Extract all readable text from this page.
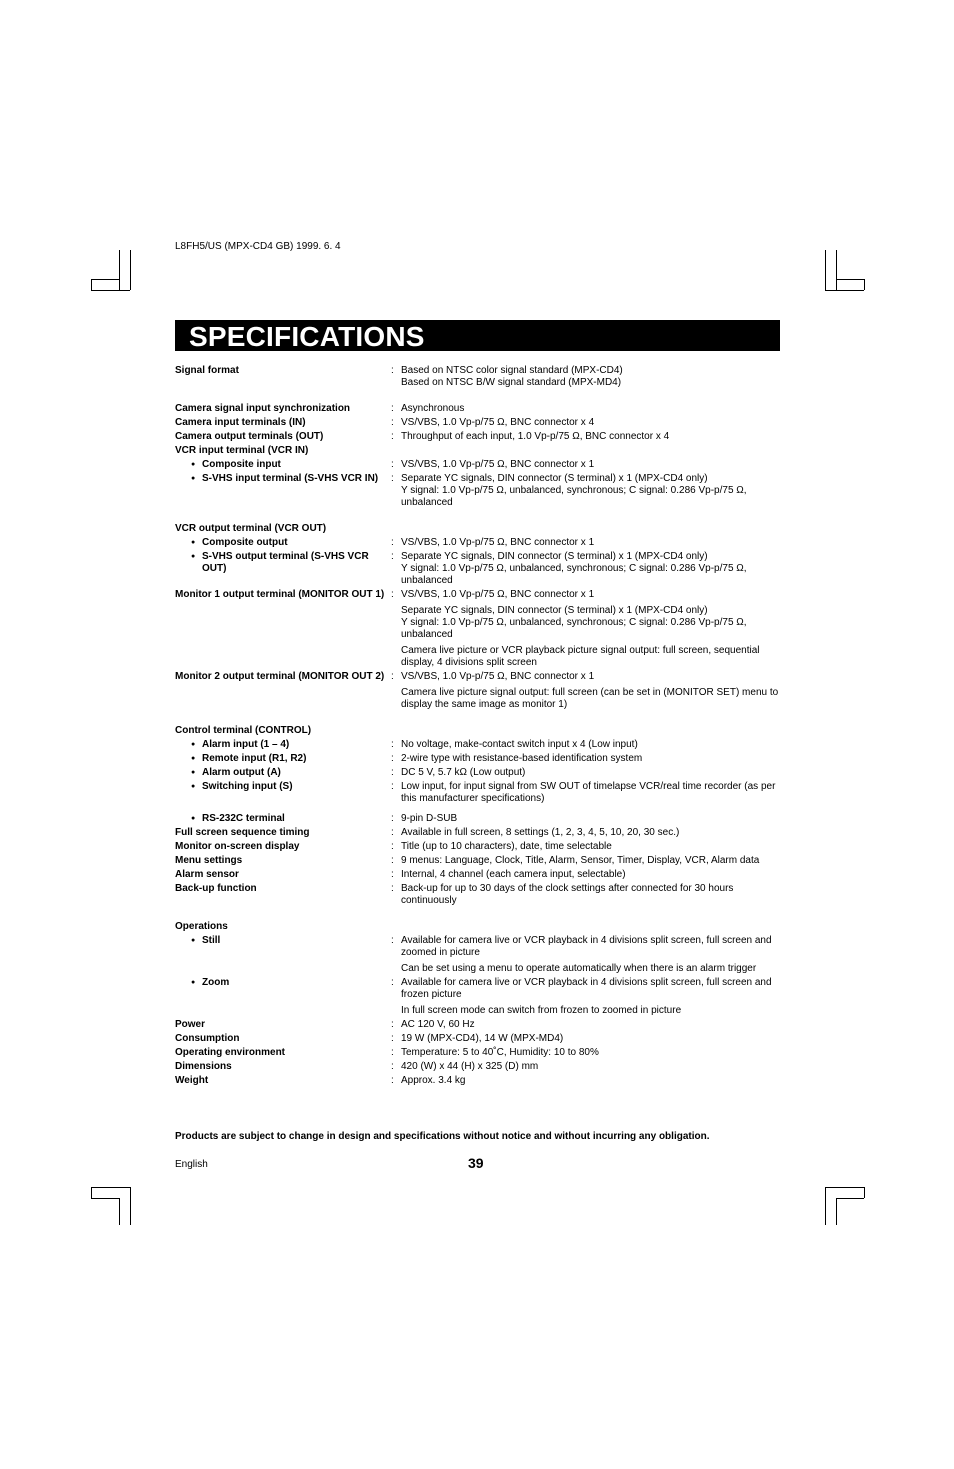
L8FH5/US (MPX-CD4 GB) 1999. 6. 4
SPECIFICATIONS
Signal format	: Based on NTSC color signal standard (MPX-CD4)
Based on NTSC B/W signal standard (MPX-MD4)
Camera signal input synchronization	: Asynchronous
Camera input terminals (IN)	: VS/VBS, 1.0 Vp-p/75 Ω, BNC connector x 4
Camera output terminals (OUT)	: Throughput of each input, 1.0 Vp-p/75 Ω, BNC connector x 4
VCR input terminal (VCR IN)
● Composite input	: VS/VBS, 1.0 Vp-p/75 Ω, BNC connector x 1
● S-VHS input terminal (S-VHS VCR IN)	: Separate YC signals, DIN connector (S terminal) x 1 (MPX-CD4 only)
Y signal: 1.0 Vp-p/75 Ω, unbalanced, synchronous; C signal: 0.286 Vp-p/75 Ω, unbalanced
VCR output terminal (VCR OUT)
● Composite output	: VS/VBS, 1.0 Vp-p/75 Ω, BNC connector x 1
● S-VHS output terminal (S-VHS VCR OUT)
: Separate YC signals, DIN connector (S terminal) x 1 (MPX-CD4 only)
Y signal: 1.0 Vp-p/75 Ω, unbalanced, synchronous; C signal: 0.286 Vp-p/75 Ω, unbalanced
Monitor 1 output terminal (MONITOR OUT 1) : VS/VBS, 1.0 Vp-p/75 Ω, BNC connector x 1
Separate YC signals, DIN connector (S terminal) x 1 (MPX-CD4 only)
Y signal: 1.0 Vp-p/75 Ω, unbalanced, synchronous; C signal: 0.286 Vp-p/75 Ω, unbalanced
Camera live picture or VCR playback picture signal output: full screen, sequential display, 4 divisions split screen
Monitor 2 output terminal (MONITOR OUT 2) : VS/VBS, 1.0 Vp-p/75 Ω, BNC connector x 1
Camera live picture signal output: full screen (can be set in (MONITOR SET) menu to display the same image as monitor 1)
Control terminal (CONTROL)
● Alarm input (1 – 4)	: No voltage, make-contact switch input x 4 (Low input)
● Remote input (R1, R2)	: 2-wire type with resistance-based identification system
● Alarm output (A)	: DC 5 V, 5.7 kΩ (Low output)
● Switching input (S)	: Low input, for input signal from SW OUT of timelapse VCR/real time recorder (as per this manufacturer specifications)
● RS-232C terminal	: 9-pin D-SUB
Full screen sequence timing	: Available in full screen, 8 settings (1, 2, 3, 4, 5, 10, 20, 30 sec.)
Monitor on-screen display	: Title (up to 10 characters), date, time selectable
Menu settings	: 9 menus: Language, Clock, Title, Alarm, Sensor, Timer, Display, VCR, Alarm data
Alarm sensor	: Internal, 4 channel (each camera input, selectable)
Back-up function	: Back-up for up to 30 days of the clock settings after connected for 30 hours continuously
Operations
● Still	: Available for camera live or VCR playback in 4 divisions split screen, full screen and zoomed in picture
Can be set using a menu to operate automatically when there is an alarm trigger
● Zoom	: Available for camera live or VCR playback in 4 divisions split screen, full screen and frozen picture
In full screen mode can switch from frozen to zoomed in picture
Power	: AC 120 V, 60 Hz
Consumption	: 19 W (MPX-CD4), 14 W (MPX-MD4)
Operating environment	: Temperature: 5 to 40˚C, Humidity: 10 to 80%
Dimensions	: 420 (W) x 44 (H) x 325 (D) mm
Weight	: Approx. 3.4 kg
Products are subject to change in design and specifications without notice and without incurring any obligation.
English	39
